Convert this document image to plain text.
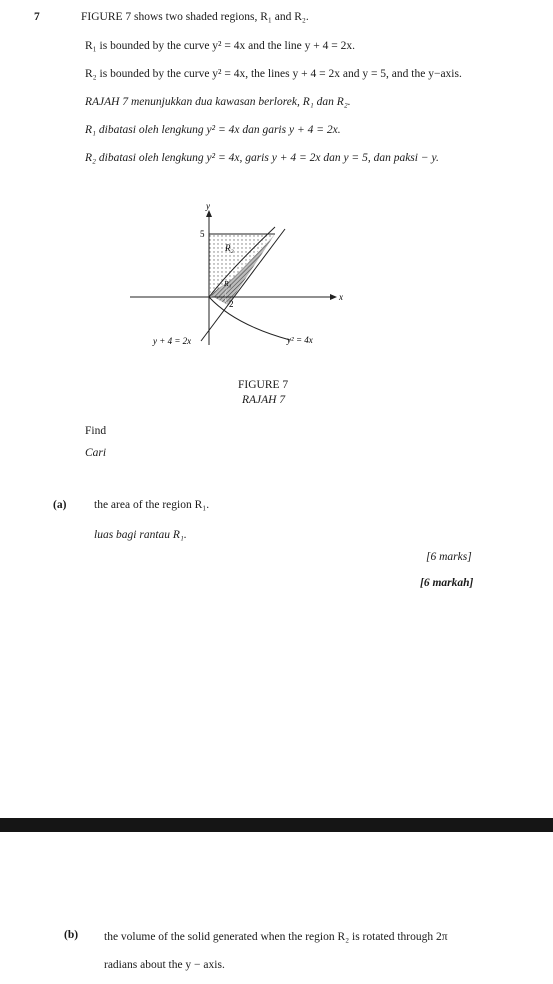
7	FIGURE 7 shows two shaded regions, R₁ and R₂.
R₁ is bounded by the curve y² = 4x and the line y + 4 = 2x.
R₂ is bounded by the curve y² = 4x, the lines y + 4 = 2x and y = 5, and the y−axis.
RAJAH 7 menunjukkan dua kawasan berlorek, R₁ dan R₂.
R₁ dibatasi oleh lengkung y² = 4x dan garis y + 4 = 2x.
R₂ dibatasi oleh lengkung y² = 4x, garis y + 4 = 2x dan y = 5, dan paksi − y.
y
x
5
2
R₂
R₁
y + 4 = 2x	y² = 4x
FIGURE 7
RAJAH 7
Find
Cari
(a) the area of the region R₁.
luas bagi rantau R₁.
[6 marks]
[6 markah]
(b) the volume of the solid generated when the region R₂ is rotated through 2π
radians about the y − axis.
